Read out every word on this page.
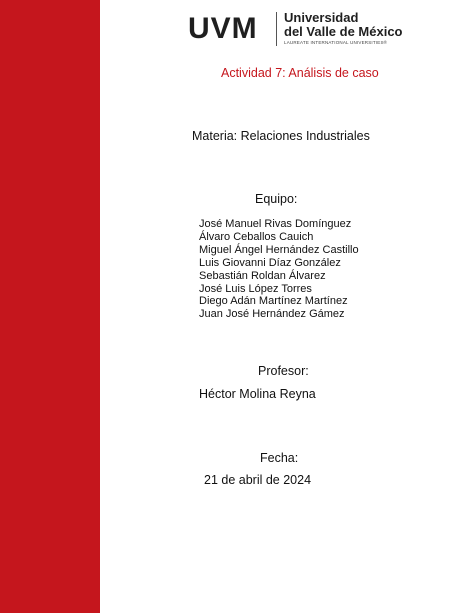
UVM Universidad
del Valle de México
LAUREATE INTERNATIONAL UNIVERSITIES®
Actividad 7: Análisis de caso
Materia: Relaciones Industriales
Equipo:
José Manuel Rivas Domínguez
Álvaro Ceballos Cauich
Miguel Ángel Hernández Castillo
Luis Giovanni Díaz González
Sebastián Roldan Álvarez
José Luis López Torres
Diego Adán Martínez Martínez
Juan José Hernández Gámez
Profesor:
Héctor Molina Reyna
Fecha:
21 de abril de 2024
